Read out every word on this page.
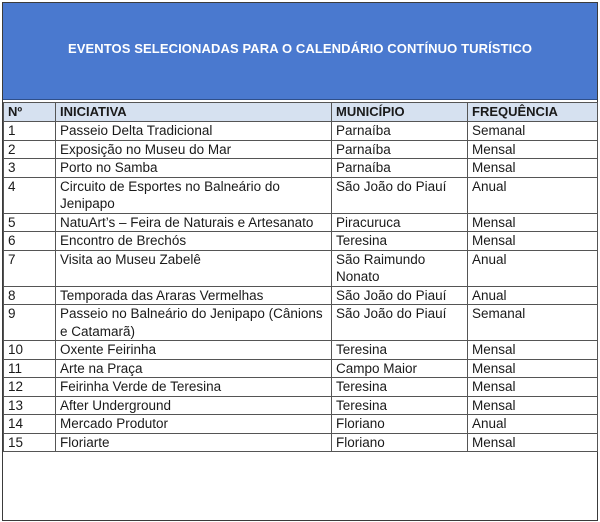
EVENTOS SELECIONADAS PARA O CALENDÁRIO CONTÍNUO TURÍSTICO
Nº	INICIATIVA	MUNICÍPIO	FREQUÊNCIA
1	Passeio Delta Tradicional	Parnaíba	Semanal
2	Exposição no Museu do Mar	Parnaíba	Mensal
3	Porto no Samba	Parnaíba	Mensal
4	Circuito de Esportes no Balneário do Jenipapo	São João do Piauí	Anual
5	NatuArt’s – Feira de Naturais e Artesanato	Piracuruca	Mensal
6	Encontro de Brechós	Teresina	Mensal
7	Visita ao Museu Zabelê	São Raimundo Nonato	Anual
8	Temporada das Araras Vermelhas	São João do Piauí	Anual
9	Passeio no Balneário do Jenipapo (Cânions e Catamarã)	São João do Piauí	Semanal
10	Oxente Feirinha	Teresina	Mensal
11	Arte na Praça	Campo Maior	Mensal
12	Feirinha Verde de Teresina	Teresina	Mensal
13	After Underground	Teresina	Mensal
14	Mercado Produtor	Floriano	Anual
15	Floriarte	Floriano	Mensal
